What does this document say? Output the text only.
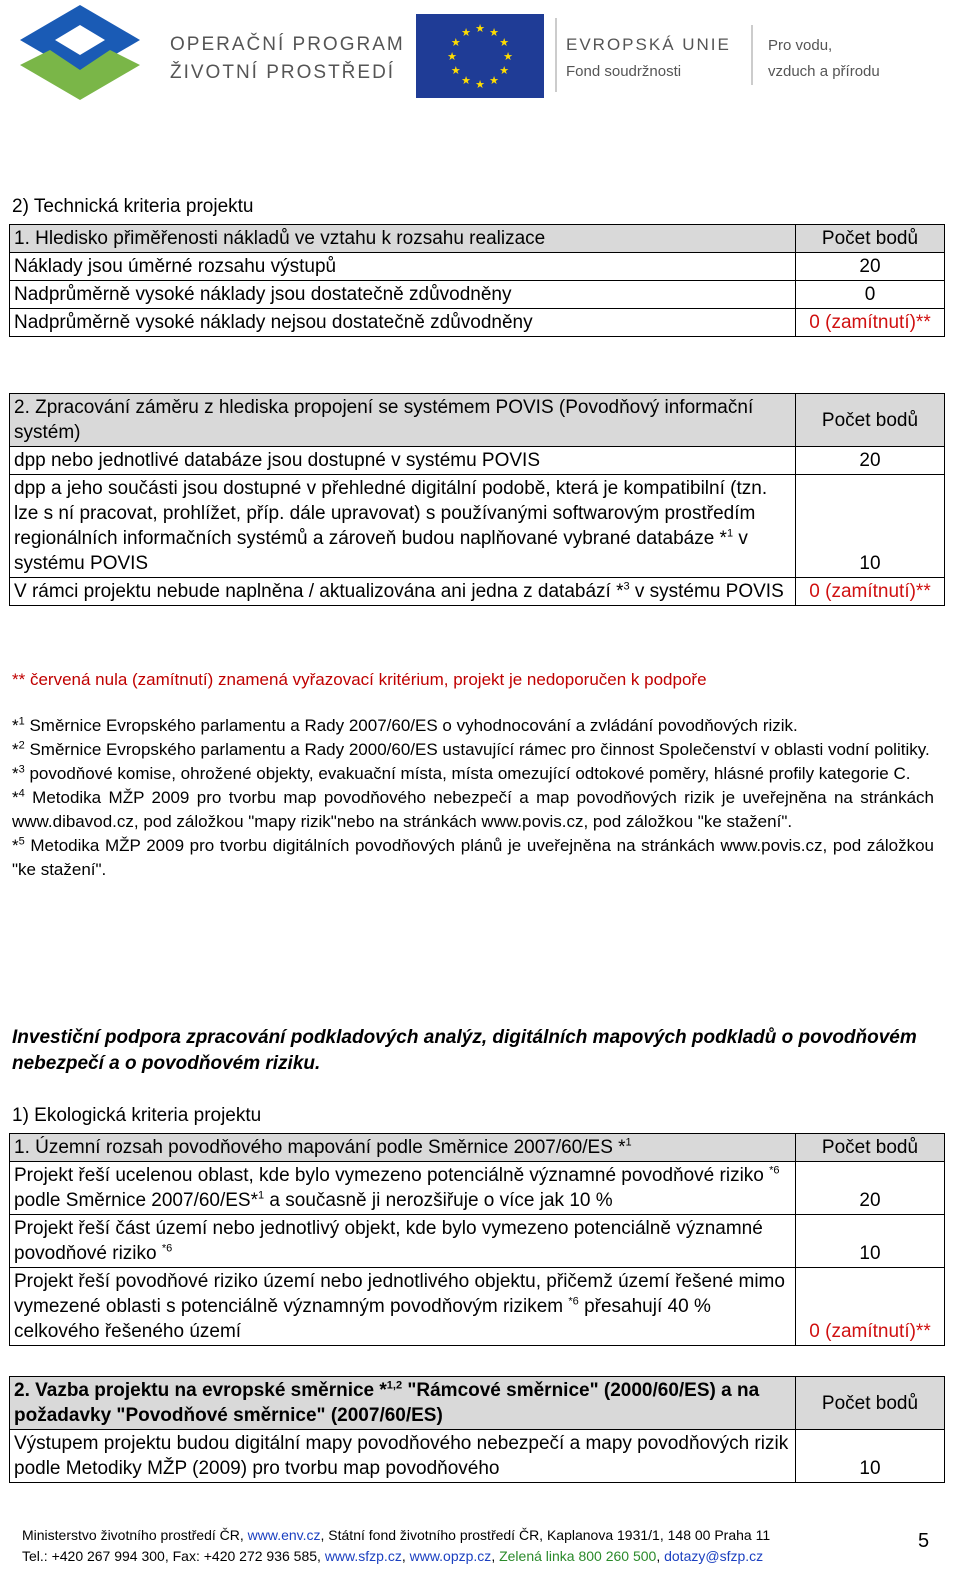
OPERAČNÍ PROGRAM
ŽIVOTNÍ PROSTŘEDÍ
★
★
★
★
★
★
★
★
★ ★ ★
★	EVROPSKÁ UNIE
Fond soudržnosti
Pro vodu,
vzduch a přírodu
2) Technická kriteria projektu
1. Hledisko přiměřenosti nákladů ve vztahu k rozsahu realizace	Počet bodů
Náklady jsou úměrné rozsahu výstupů	20
Nadprůměrně vysoké náklady jsou dostatečně zdůvodněny	0
Nadprůměrně vysoké náklady nejsou dostatečně zdůvodněny	0 (zamítnutí)**
2. Zpracování záměru z hlediska propojení se systémem POVIS (Povodňový informační systém)	Počet bodů
dpp nebo jednotlivé databáze jsou dostupné v systému POVIS	20
dpp a jeho součásti jsou dostupné v přehledné digitální podobě, která je kompatibilní (tzn. lze s ní pracovat, prohlížet, příp. dále upravovat) s používanými softwarovým prostředím regionálních informačních systémů a zároveň budou naplňované vybrané databáze *$^1$ v systému POVIS	10
V rámci projektu nebude naplněna / aktualizována ani jedna z databází *$^3$ v systému POVIS	0 (zamítnutí)**

** červená nula (zamítnutí) znamená vyřazovací kritérium, projekt je nedoporučen k podpoře

*$^1$ Směrnice Evropského parlamentu a Rady 2007/60/ES o vyhodnocování a zvládání povodňových rizik.

*$^2$ Směrnice Evropského parlamentu a Rady 2000/60/ES ustavující rámec pro činnost Společenství v oblasti vodní politiky.

*$^3$ povodňové komise, ohrožené objekty, evakuační místa, místa omezující odtokové poměry, hlásné profily kategorie C.

*$^4$ Metodika MŽP 2009 pro tvorbu map povodňového nebezpečí a map povodňových rizik je uveřejněna na stránkách www.dibavod.cz, pod záložkou "mapy rizik"nebo na stránkách www.povis.cz, pod záložkou "ke stažení".

*$^5$ Metodika MŽP 2009 pro tvorbu digitálních povodňových plánů je uveřejněna na stránkách www.povis.cz, pod záložkou "ke stažení".

Investiční podpora zpracování podkladových analýz, digitálních mapových podkladů o povodňovém nebezpečí a o povodňovém riziku.
1) Ekologická kriteria projektu
1. Územní rozsah povodňového mapování podle Směrnice 2007/60/ES *$^1$	Počet bodů
Projekt řeší ucelenou oblast, kde bylo vymezeno potenciálně významné povodňové riziko $^{*6}$ podle Směrnice 2007/60/ES*$^1$ a současně ji nerozšiřuje o více jak 10 %	20
Projekt řeší část území nebo jednotlivý objekt, kde bylo vymezeno potenciálně významné povodňové riziko $^{*6}$	10
Projekt řeší povodňové riziko území nebo jednotlivého objektu, přičemž území řešené mimo vymezené oblasti s potenciálně významným povodňovým rizikem $^{*6}$ přesahují 40 % celkového řešeného území	0 (zamítnutí)**
2. Vazba projektu na evropské směrnice *$^{1,2}$ "Rámcové směrnice" (2000/60/ES) a na požadavky "Povodňové směrnice" (2007/60/ES)	Počet bodů
Výstupem projektu budou digitální mapy povodňového nebezpečí a mapy povodňových rizik podle Metodiky MŽP (2009) pro tvorbu map povodňového	10
Ministerstvo životního prostředí ČR, www.env.cz, Státní fond životního prostředí ČR, Kaplanova 1931/1, 148 00 Praha 11
Tel.: +420 267 994 300, Fax: +420 272 936 585, www.sfzp.cz, www.opzp.cz, Zelená linka 800 260 500, dotazy@sfzp.cz
5
